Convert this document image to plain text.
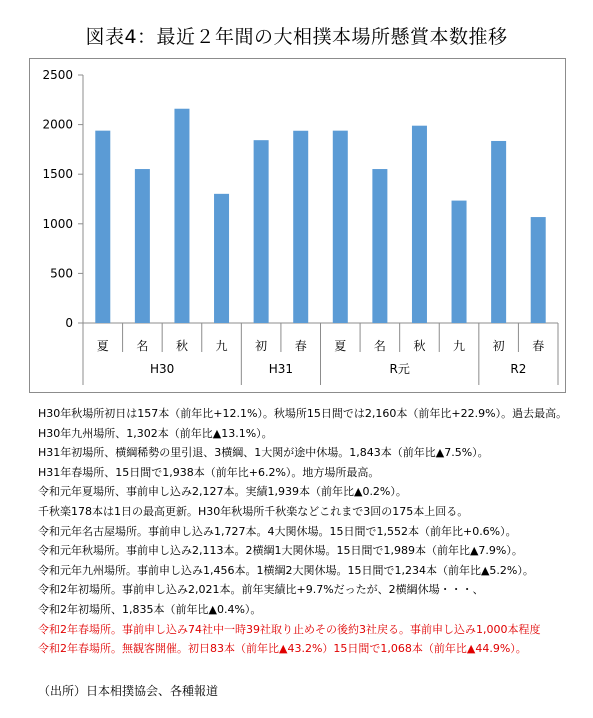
図表4：最近２年間の大相撲本場所懸賞本数推移
0
500
1000
1500
2000
2500
夏 名 秋 九 初 春 夏 名 秋 九 初 春
H30	H31	R元	R2
H30年秋場所初日は157本（前年比+12.1%）。秋場所15日間では2,160本（前年比+22.9%）。過去最高。
H30年九州場所、1,302本（前年比▲13.1%）。
H31年初場所、横綱稀勢の里引退、3横綱、1大関が途中休場。1,843本（前年比▲7.5%）。
H31年春場所、15日間で1,938本（前年比+6.2%）。地方場所最高。
令和元年夏場所、事前申し込み2,127本。実績1,939本（前年比▲0.2%）。
千秋楽178本は1日の最高更新。H30年秋場所千秋楽などこれまで3回の175本上回る。
令和元年名古屋場所。事前申し込み1,727本。4大関休場。15日間で1,552本（前年比+0.6%）。
令和元年秋場所。事前申し込み2,113本。2横綱1大関休場。15日間で1,989本（前年比▲7.9%）。
令和元年九州場所。事前申し込み1,456本。1横綱2大関休場。15日間で1,234本（前年比▲5.2%）。
令和2年初場所。事前申し込み2,021本。前年実績比+9.7%だったが、2横綱休場・・・、
令和2年初場所、1,835本（前年比▲0.4%）。
令和2年春場所。事前申し込み74社中一時39社取り止めその後約3社戻る。事前申し込み1,000本程度
令和2年春場所。無観客開催。初日83本（前年比▲43.2%）15日間で1,068本（前年比▲44.9%）。
（出所）日本相撲協会、各種報道
